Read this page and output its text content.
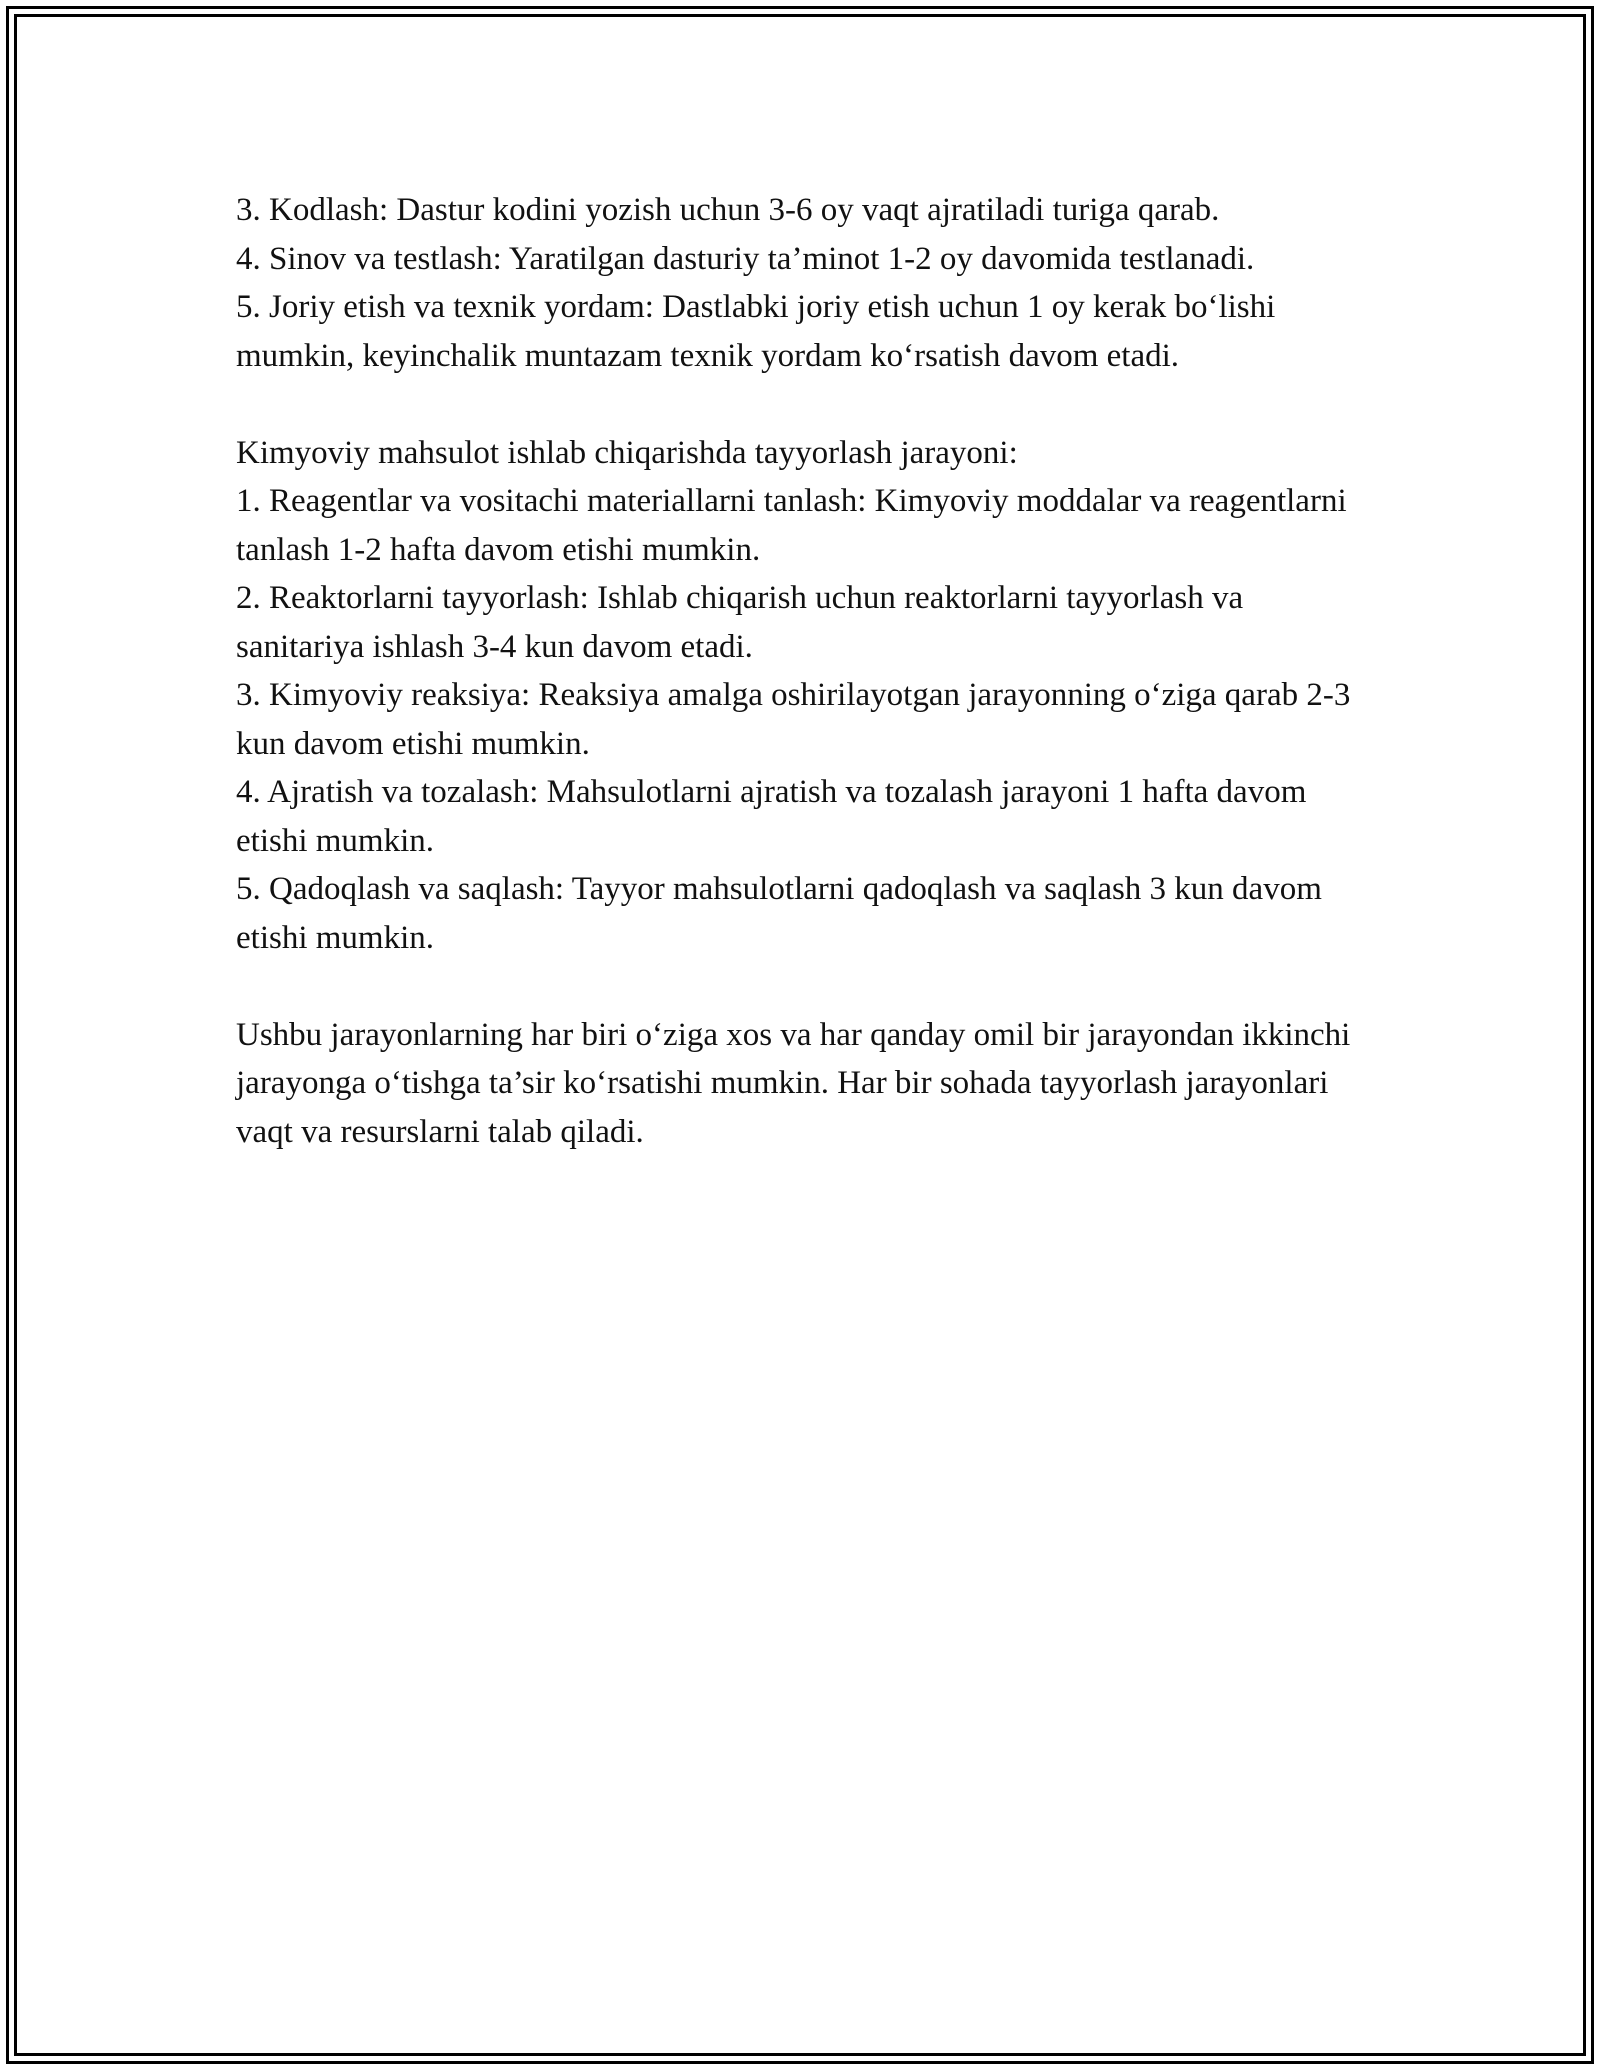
3. Kodlash: Dastur kodini yozish uchun 3-6 oy vaqt ajratiladi turiga qarab.

4. Sinov va testlash: Yaratilgan dasturiy ta’minot 1-2 oy davomida testlanadi.

5. Joriy etish va texnik yordam: Dastlabki joriy etish uchun 1 oy kerak bo‘lishi mumkin, keyinchalik muntazam texnik yordam ko‘rsatish davom etadi.

Kimyoviy mahsulot ishlab chiqarishda tayyorlash jarayoni:

1. Reagentlar va vositachi materiallarni tanlash: Kimyoviy moddalar va reagentlarni tanlash 1-2 hafta davom etishi mumkin.

2. Reaktorlarni tayyorlash: Ishlab chiqarish uchun reaktorlarni tayyorlash va sanitariya ishlash 3-4 kun davom etadi.

3. Kimyoviy reaksiya: Reaksiya amalga oshirilayotgan jarayonning o‘ziga qarab 2-3 kun davom etishi mumkin.

4. Ajratish va tozalash: Mahsulotlarni ajratish va tozalash jarayoni 1 hafta davom etishi mumkin.

5. Qadoqlash va saqlash: Tayyor mahsulotlarni qadoqlash va saqlash 3 kun davom etishi mumkin.

Ushbu jarayonlarning har biri o‘ziga xos va har qanday omil bir jarayondan ikkinchi jarayonga o‘tishga ta’sir ko‘rsatishi mumkin. Har bir sohada tayyorlash jarayonlari vaqt va resurslarni talab qiladi.
